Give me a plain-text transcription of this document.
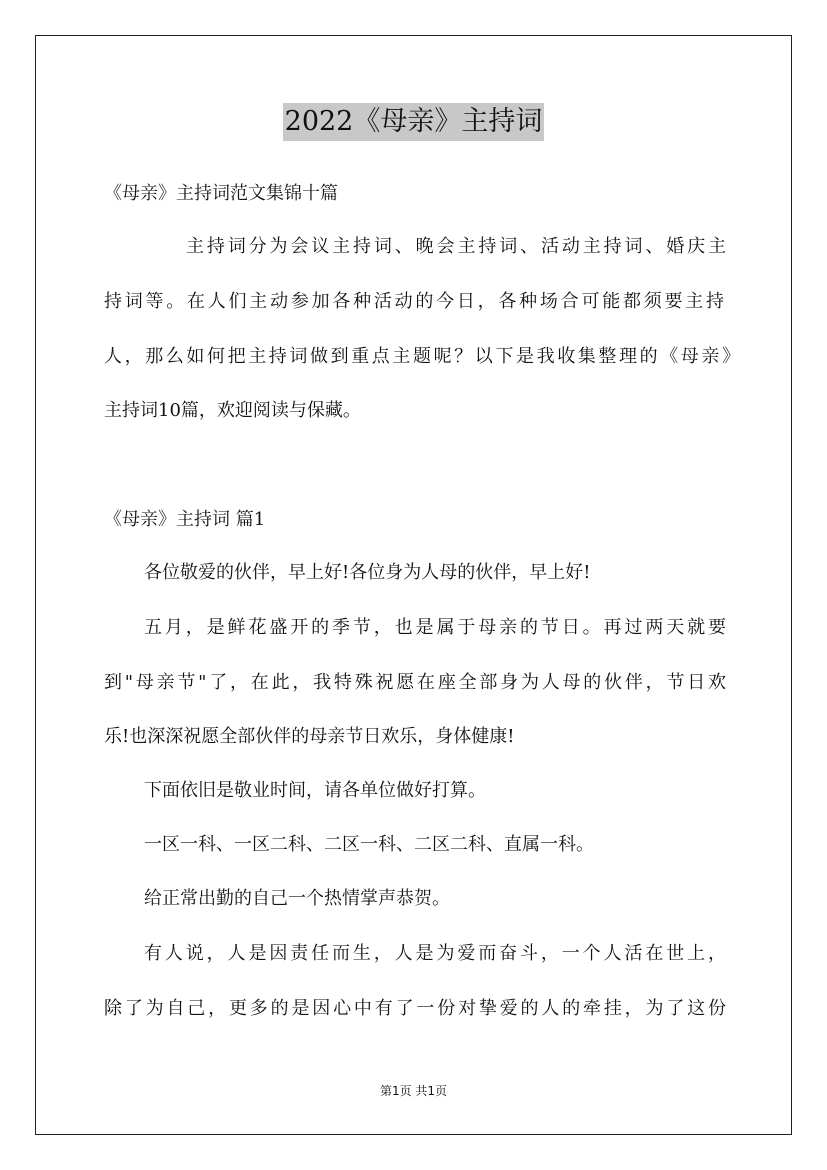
2022《母亲》主持词
《母亲》主持词范文集锦十篇
主持词分为会议主持词、晚会主持词、活动主持词、婚庆主
持词等。在人们主动参加各种活动的今日，各种场合可能都须要主持
人，那么如何把主持词做到重点主题呢？以下是我收集整理的《母亲》
主持词10篇，欢迎阅读与保藏。
《母亲》主持词 篇1
各位敬爱的伙伴，早上好!各位身为人母的伙伴，早上好!
五月，是鲜花盛开的季节，也是属于母亲的节日。再过两天就要
到"母亲节"了，在此，我特殊祝愿在座全部身为人母的伙伴，节日欢
乐!也深深祝愿全部伙伴的母亲节日欢乐，身体健康!
下面依旧是敬业时间，请各单位做好打算。
一区一科、一区二科、二区一科、二区二科、直属一科。
给正常出勤的自己一个热情掌声恭贺。
有人说，人是因责任而生，人是为爱而奋斗，一个人活在世上，
除了为自己，更多的是因心中有了一份对挚爱的人的牵挂，为了这份
第1页 共1页
